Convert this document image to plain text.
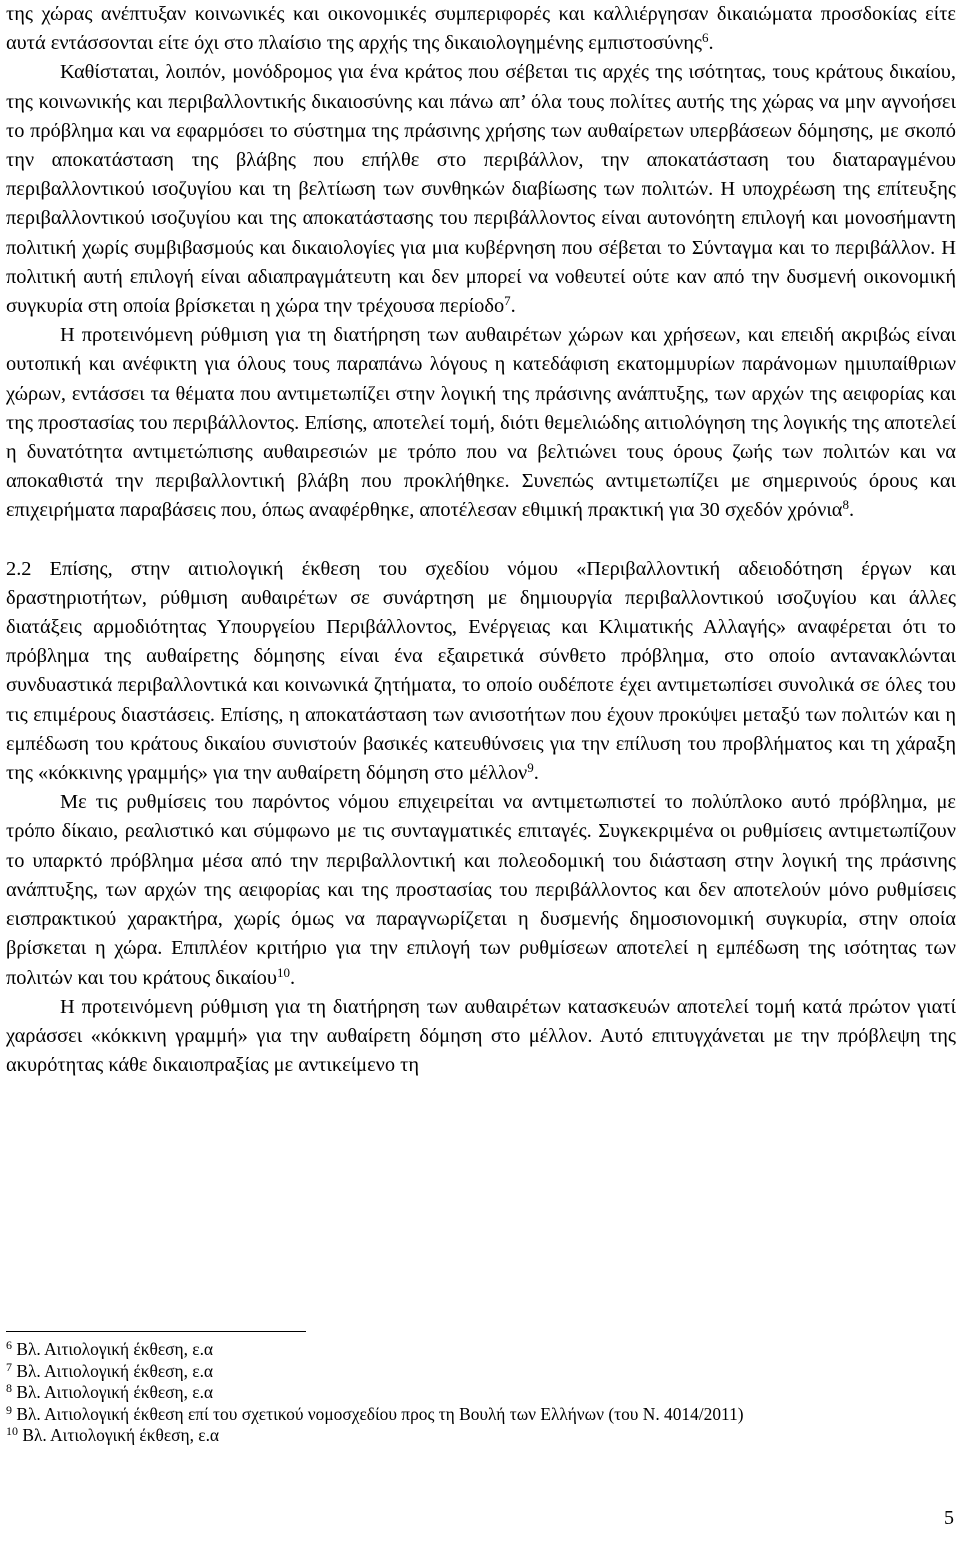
της χώρας ανέπτυξαν κοινωνικές και οικονομικές συμπεριφορές και καλλιέργησαν δικαιώματα προσδοκίας είτε αυτά εντάσσονται είτε όχι στο πλαίσιο της αρχής της δικαιολογημένης εμπιστοσύνης$^6$.

Καθίσταται, λοιπόν, μονόδρομος για ένα κράτος που σέβεται τις αρχές της ισότητας, τους κράτους δικαίου, της κοινωνικής και περιβαλλοντικής δικαιοσύνης και πάνω απ’ όλα τους πολίτες αυτής της χώρας να μην αγνοήσει το πρόβλημα και να εφαρμόσει το σύστημα της πράσινης χρήσης των αυθαίρετων υπερβάσεων δόμησης, με σκοπό την αποκατάσταση της βλάβης που επήλθε στο περιβάλλον, την αποκατάσταση του διαταραγμένου περιβαλλοντικού ισοζυγίου και τη βελτίωση των συνθηκών διαβίωσης των πολιτών. Η υποχρέωση της επίτευξης περιβαλλοντικού ισοζυγίου και της αποκατάστασης του περιβάλλοντος είναι αυτονόητη επιλογή και μονοσήμαντη πολιτική χωρίς συμβιβασμούς και δικαιολογίες για μια κυβέρνηση που σέβεται το Σύνταγμα και το περιβάλλον. Η πολιτική αυτή επιλογή είναι αδιαπραγμάτευτη και δεν μπορεί να νοθευτεί ούτε καν από την δυσμενή οικονομική συγκυρία στη οποία βρίσκεται η χώρα την τρέχουσα περίοδο$^7$.

Η προτεινόμενη ρύθμιση για τη διατήρηση των αυθαιρέτων χώρων και χρήσεων, και επειδή ακριβώς είναι ουτοπική και ανέφικτη για όλους τους παραπάνω λόγους η κατεδάφιση εκατομμυρίων παράνομων ημιυπαίθριων χώρων, εντάσσει τα θέματα που αντιμετωπίζει στην λογική της πράσινης ανάπτυξης, των αρχών της αειφορίας και της προστασίας του περιβάλλοντος. Επίσης, αποτελεί τομή, διότι θεμελιώδης αιτιολόγηση της λογικής της αποτελεί η δυνατότητα αντιμετώπισης αυθαιρεσιών με τρόπο που να βελτιώνει τους όρους ζωής των πολιτών και να αποκαθιστά την περιβαλλοντική βλάβη που προκλήθηκε. Συνεπώς αντιμετωπίζει με σημερινούς όρους και επιχειρήματα παραβάσεις που, όπως αναφέρθηκε, αποτέλεσαν εθιμική πρακτική για 30 σχεδόν χρόνια$^8$.

2.2 Επίσης, στην αιτιολογική έκθεση του σχεδίου νόμου «Περιβαλλοντική αδειοδότηση έργων και δραστηριοτήτων, ρύθμιση αυθαιρέτων σε συνάρτηση με δημιουργία περιβαλλοντικού ισοζυγίου και άλλες διατάξεις αρμοδιότητας Υπουργείου Περιβάλλοντος, Ενέργειας και Κλιματικής Αλλαγής» αναφέρεται ότι το πρόβλημα της αυθαίρετης δόμησης είναι ένα εξαιρετικά σύνθετο πρόβλημα, στο οποίο αντανακλώνται συνδυαστικά περιβαλλοντικά και κοινωνικά ζητήματα, το οποίο ουδέποτε έχει αντιμετωπίσει συνολικά σε όλες του τις επιμέρους διαστάσεις. Επίσης, η αποκατάσταση των ανισοτήτων που έχουν προκύψει μεταξύ των πολιτών και η εμπέδωση του κράτους δικαίου συνιστούν βασικές κατευθύνσεις για την επίλυση του προβλήματος και τη χάραξη της «κόκκινης γραμμής» για την αυθαίρετη δόμηση στο μέλλον$^9$.

Με τις ρυθμίσεις του παρόντος νόμου επιχειρείται να αντιμετωπιστεί το πολύπλοκο αυτό πρόβλημα, με τρόπο δίκαιο, ρεαλιστικό και σύμφωνο με τις συνταγματικές επιταγές. Συγκεκριμένα οι ρυθμίσεις αντιμετωπίζουν το υπαρκτό πρόβλημα μέσα από την περιβαλλοντική και πολεοδομική του διάσταση στην λογική της πράσινης ανάπτυξης, των αρχών της αειφορίας και της προστασίας του περιβάλλοντος και δεν αποτελούν μόνο ρυθμίσεις εισπρακτικού χαρακτήρα, χωρίς όμως να παραγνωρίζεται η δυσμενής δημοσιονομική συγκυρία, στην οποία βρίσκεται η χώρα. Επιπλέον κριτήριο για την επιλογή των ρυθμίσεων αποτελεί η εμπέδωση της ισότητας των πολιτών και του κράτους δικαίου$^{10}$.

Η προτεινόμενη ρύθμιση για τη διατήρηση των αυθαιρέτων κατασκευών αποτελεί τομή κατά πρώτον γιατί χαράσσει «κόκκινη γραμμή» για την αυθαίρετη δόμηση στο μέλλον. Αυτό επιτυγχάνεται με την πρόβλεψη της ακυρότητας κάθε δικαιοπραξίας με αντικείμενο τη

$^6$ Βλ. Αιτιολογική έκθεση, ε.α
$^7$ Βλ. Αιτιολογική έκθεση, ε.α
$^8$ Βλ. Αιτιολογική έκθεση, ε.α
$^9$ Βλ. Αιτιολογική έκθεση επί του σχετικού νομοσχεδίου προς τη Βουλή των Ελλήνων (του Ν. 4014/2011)
$^{10}$ Βλ. Αιτιολογική έκθεση, ε.α
5
